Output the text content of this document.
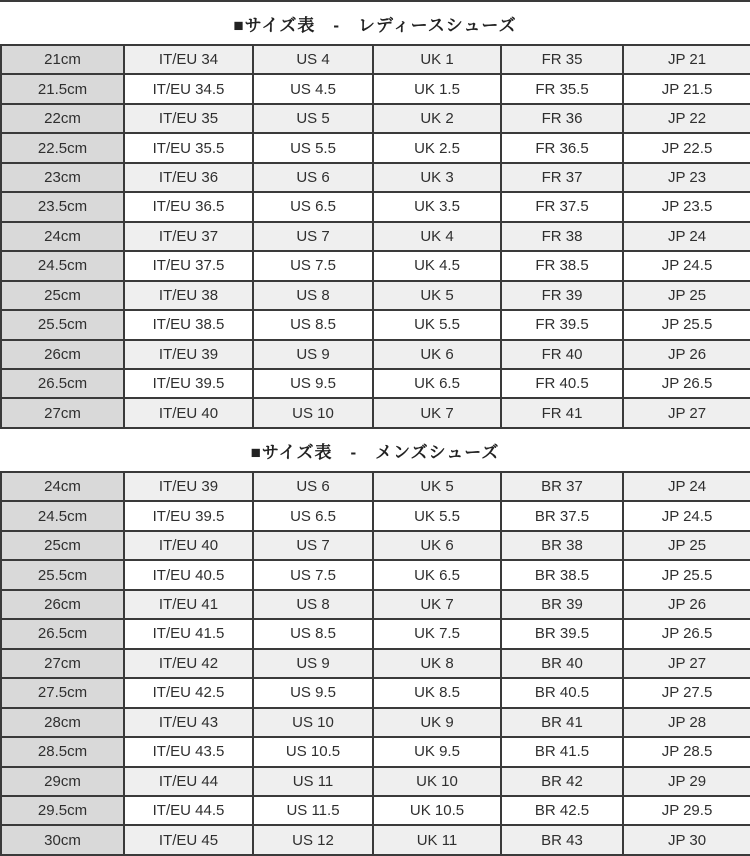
■サイズ表　-　レディースシューズ
21cm	IT/EU 34	US 4	UK 1	FR 35	JP 21
21.5cm	IT/EU 34.5	US 4.5	UK 1.5	FR 35.5	JP 21.5
22cm	IT/EU 35	US 5	UK 2	FR 36	JP 22
22.5cm	IT/EU 35.5	US 5.5	UK 2.5	FR 36.5	JP 22.5
23cm	IT/EU 36	US 6	UK 3	FR 37	JP 23
23.5cm	IT/EU 36.5	US 6.5	UK 3.5	FR 37.5	JP 23.5
24cm	IT/EU 37	US 7	UK 4	FR 38	JP 24
24.5cm	IT/EU 37.5	US 7.5	UK 4.5	FR 38.5	JP 24.5
25cm	IT/EU 38	US 8	UK 5	FR 39	JP 25
25.5cm	IT/EU 38.5	US 8.5	UK 5.5	FR 39.5	JP 25.5
26cm	IT/EU 39	US 9	UK 6	FR 40	JP 26
26.5cm	IT/EU 39.5	US 9.5	UK 6.5	FR 40.5	JP 26.5
27cm	IT/EU 40	US 10	UK 7	FR 41	JP 27
■サイズ表　-　メンズシューズ
24cm	IT/EU 39	US 6	UK 5	BR 37	JP 24
24.5cm	IT/EU 39.5	US 6.5	UK 5.5	BR 37.5	JP 24.5
25cm	IT/EU 40	US 7	UK 6	BR 38	JP 25
25.5cm	IT/EU 40.5	US 7.5	UK 6.5	BR 38.5	JP 25.5
26cm	IT/EU 41	US 8	UK 7	BR 39	JP 26
26.5cm	IT/EU 41.5	US 8.5	UK 7.5	BR 39.5	JP 26.5
27cm	IT/EU 42	US 9	UK 8	BR 40	JP 27
27.5cm	IT/EU 42.5	US 9.5	UK 8.5	BR 40.5	JP 27.5
28cm	IT/EU 43	US 10	UK 9	BR 41	JP 28
28.5cm	IT/EU 43.5	US 10.5	UK 9.5	BR 41.5	JP 28.5
29cm	IT/EU 44	US 11	UK 10	BR 42	JP 29
29.5cm	IT/EU 44.5	US 11.5	UK 10.5	BR 42.5	JP 29.5
30cm	IT/EU 45	US 12	UK 11	BR 43	JP 30
